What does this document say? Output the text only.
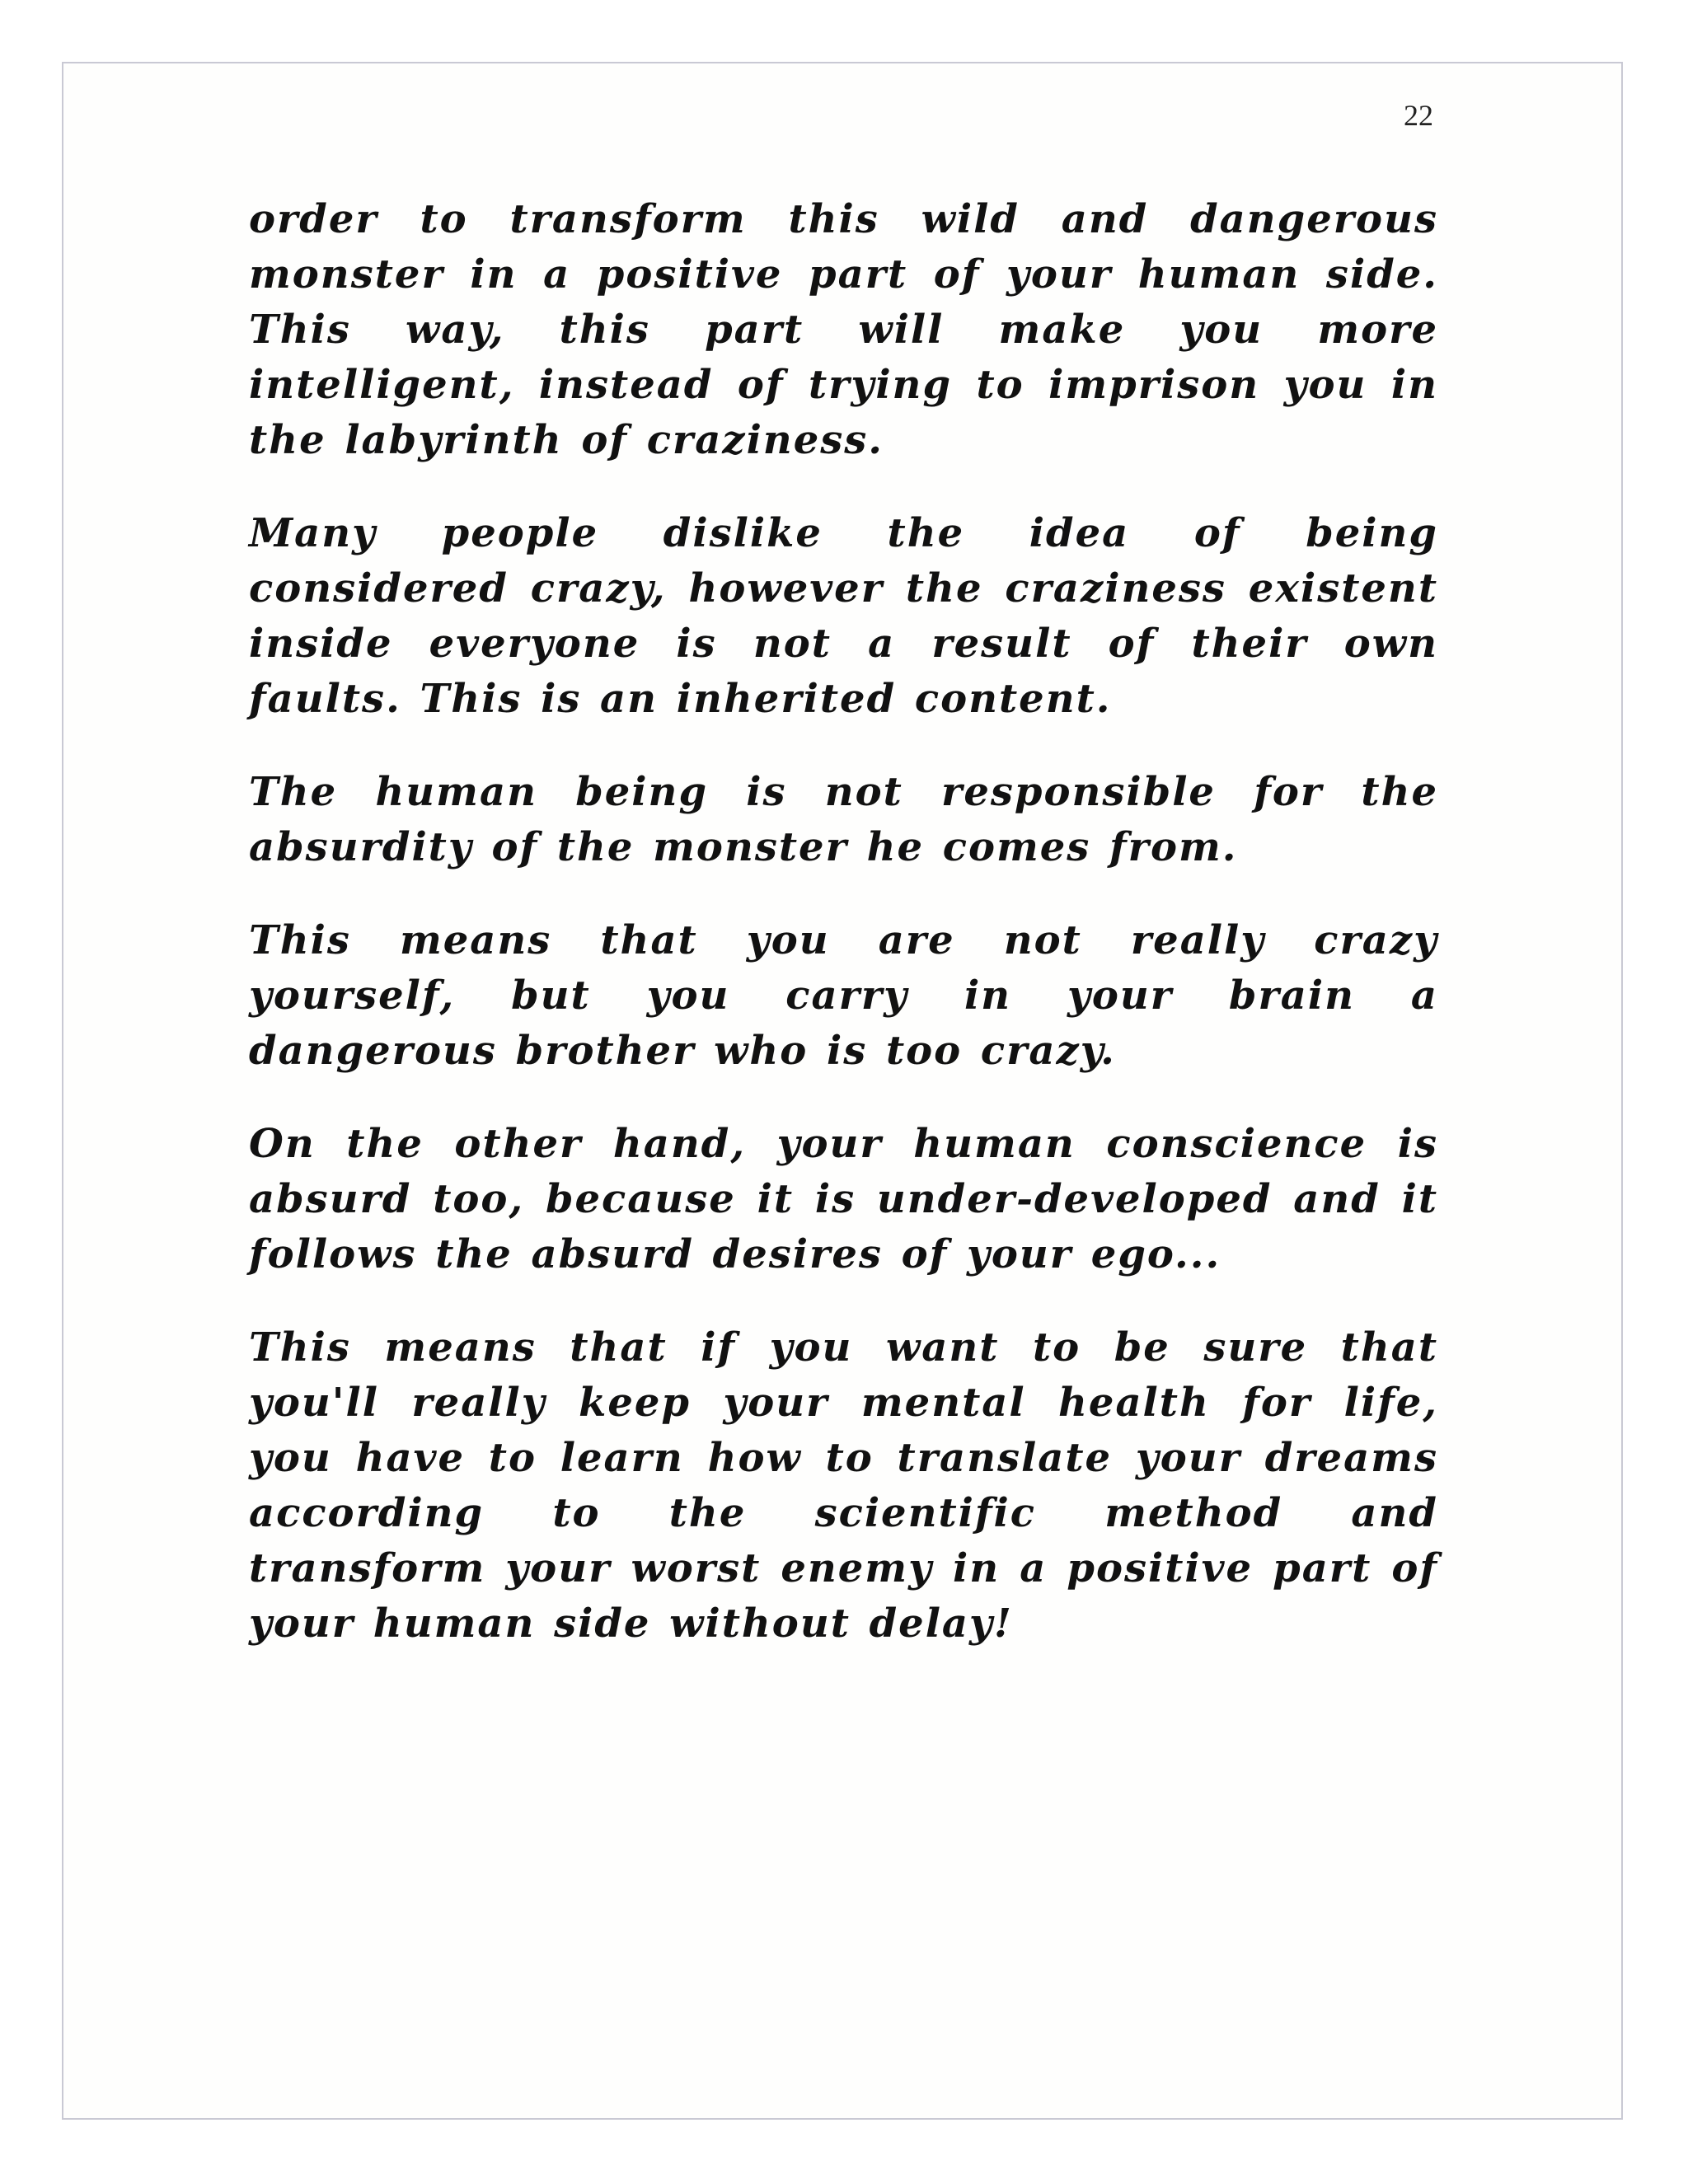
22

order to transform this wild and dangerous monster in a positive part of your human side. This way, this part will make you more intelligent, instead of trying to imprison you in the labyrinth of craziness.

Many people dislike the idea of being considered crazy, however the craziness existent inside everyone is not a result of their own faults. This is an inherited content.

The human being is not responsible for the absurdity of the monster he comes from.

This means that you are not really crazy yourself, but you carry in your brain a dangerous brother who is too crazy.

On the other hand, your human conscience is absurd too, because it is under-developed and it follows the absurd desires of your ego...

This means that if you want to be sure that you'll really keep your mental health for life, you have to learn how to translate your dreams according to the scientific method and transform your worst enemy in a positive part of your human side without delay!
